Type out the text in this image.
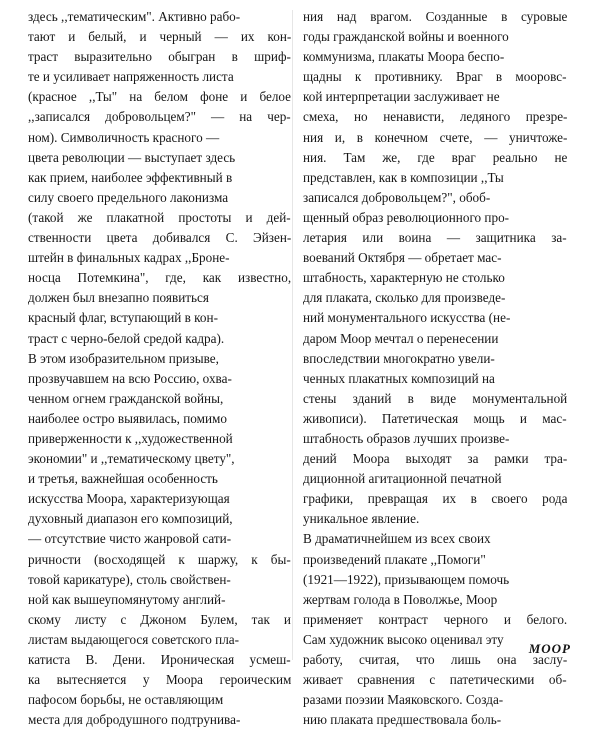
здесь ,,тематическим". Активно рабо-
тают и белый, и черный — их кон-
траст выразительно обыгран в шриф-
те и усиливает напряженность листа
(красное ,,Ты" на белом фоне и белое
,,записался добровольцем?" — на чер-
ном). Символичность красного —
цвета революции — выступает здесь
как прием, наиболее эффективный в
силу своего предельного лаконизма
(такой же плакатной простоты и дей-
ственности цвета добивался С. Эйзен-
штейн в финальных кадрах ,,Броне-
носца Потемкина", где, как известно,
должен был внезапно появиться
красный флаг, вступающий в кон-
траст с черно-белой средой кадра).
В этом изобразительном призыве,
прозвучавшем на всю Россию, охва-
ченном огнем гражданской войны,
наиболее остро выявилась, помимо
приверженности к ,,художественной
экономии" и ,,тематическому цвету",
и третья, важнейшая особенность
искусства Моора, характеризующая
духовный диапазон его композиций,
— отсутствие чисто жанровой сати-
ричности (восходящей к шаржу, к бы-
товой карикатуре), столь свойствен-
ной как вышеупомянутому англий-
скому листу с Джоном Булем, так и
листам выдающегося советского пла-
катиста В. Дени. Ироническая усмеш-
ка вытесняется у Моора героическим
пафосом борьбы, не оставляющим
места для добродушного подтрунива-
ния над врагом. Созданные в суровые
годы гражданской войны и военного
коммунизма, плакаты Моора беспо-
щадны к противнику. Враг в мооровс-
кой интерпретации заслуживает не
смеха, но ненависти, ледяного презре-
ния и, в конечном счете, — уничтоже-
ния. Там же, где враг реально не
представлен, как в композиции ,,Ты
записался добровольцем?", обоб-
щенный образ революционного про-
летария или воина — защитника за-
воеваний Октября — обретает мас-
штабность, характерную не столько
для плаката, сколько для произведе-
ний монументального искусства (не-
даром Моор мечтал о перенесении
впоследствии многократно увели-
ченных плакатных композиций на
стены зданий в виде монументальной
живописи). Патетическая мощь и мас-
штабность образов лучших произве-
дений Моора выходят за рамки тра-
диционной агитационной печатной
графики, превращая их в своего рода
уникальное явление.
В драматичнейшем из всех своих
произведений плакате ,,Помоги"
(1921—1922), призывающем помочь
жертвам голода в Поволжье, Моор
применяет контраст черного и белого.
Сам художник высоко оценивал эту
работу, считая, что лишь она заслу-
живает сравнения с патетическими об-
разами поэзии Маяковского. Созда-
нию плаката предшествовала боль-
МООР
